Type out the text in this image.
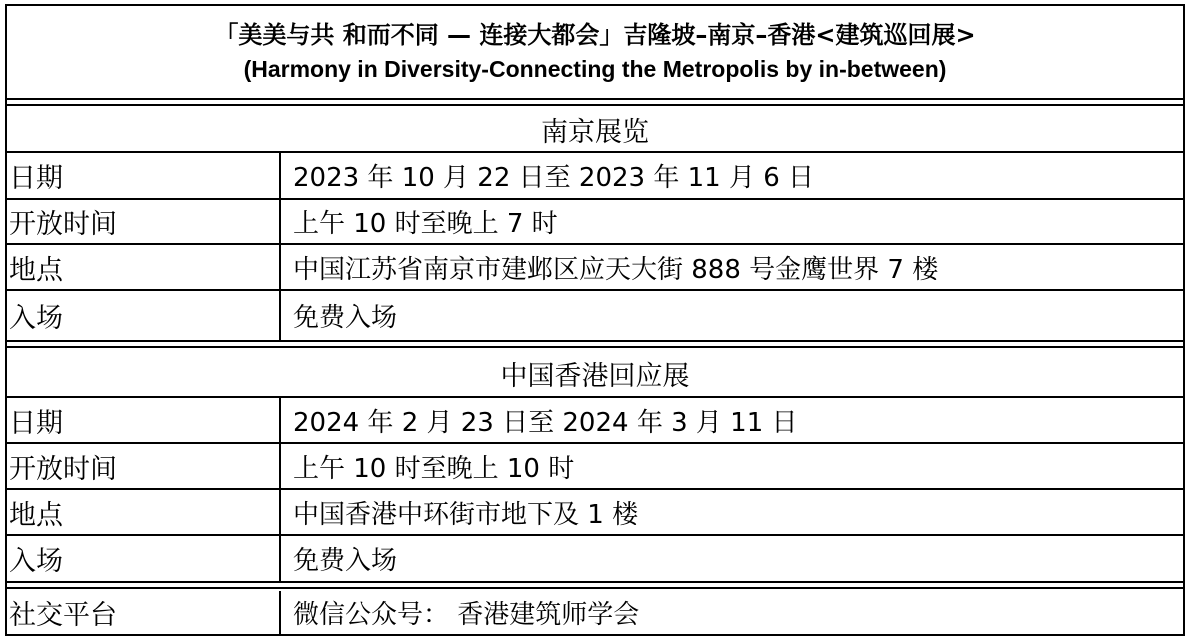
「美美与共 和而不同 — 连接大都会」吉隆坡–南京–香港<建筑巡回展>
(Harmony in Diversity-Connecting the Metropolis by in-between)
南京展览
日期	2023 年 10 月 22 日至 2023 年 11 月 6 日
开放时间	上午 10 时至晚上 7 时
地点	中国江苏省南京市建邺区应天大街 888 号金鹰世界 7 楼
入场	免费入场
中国香港回应展
日期	2024 年 2 月 23 日至 2024 年 3 月 11 日
开放时间	上午 10 时至晚上 10 时
地点	中国香港中环街市地下及 1 楼
入场	免费入场
社交平台	微信公众号： 香港建筑师学会
